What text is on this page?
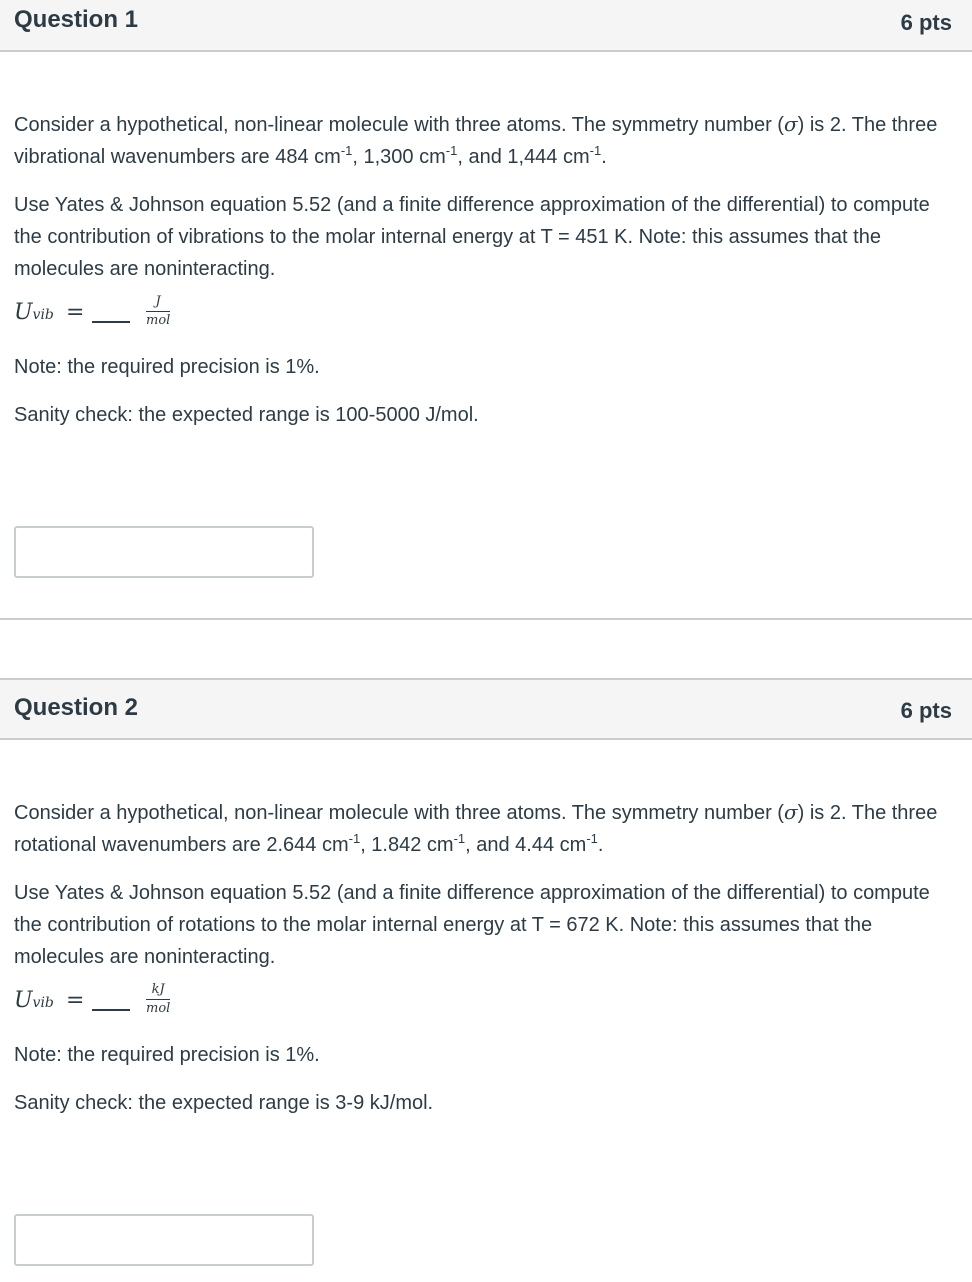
Question 1	6 pts

Consider a hypothetical, non-linear molecule with three atoms. The symmetry number (σ) is 2. The three vibrational wavenumbers are 484 $cm^{-1}$, 1,300 $cm^{-1}$, and 1,444 $cm^{-1}$.

Use Yates & Johnson equation 5.52 (and a finite difference approximation of the differential) to compute the contribution of vibrations to the molar internal energy at T = 451 K. Note: this assumes that the molecules are noninteracting.

Uvib =	J
mol

Note: the required precision is 1%.

Sanity check: the expected range is 100-5000 J/mol.

Question 2	6 pts

Consider a hypothetical, non-linear molecule with three atoms. The symmetry number (σ) is 2. The three rotational wavenumbers are 2.644 $cm^{-1}$, 1.842 $cm^{-1}$, and 4.44 $cm^{-1}$.

Use Yates & Johnson equation 5.52 (and a finite difference approximation of the differential) to compute the contribution of rotations to the molar internal energy at T = 672 K. Note: this assumes that the molecules are noninteracting.

Uvib =	kJ
mol

Note: the required precision is 1%.

Sanity check: the expected range is 3-9 kJ/mol.
